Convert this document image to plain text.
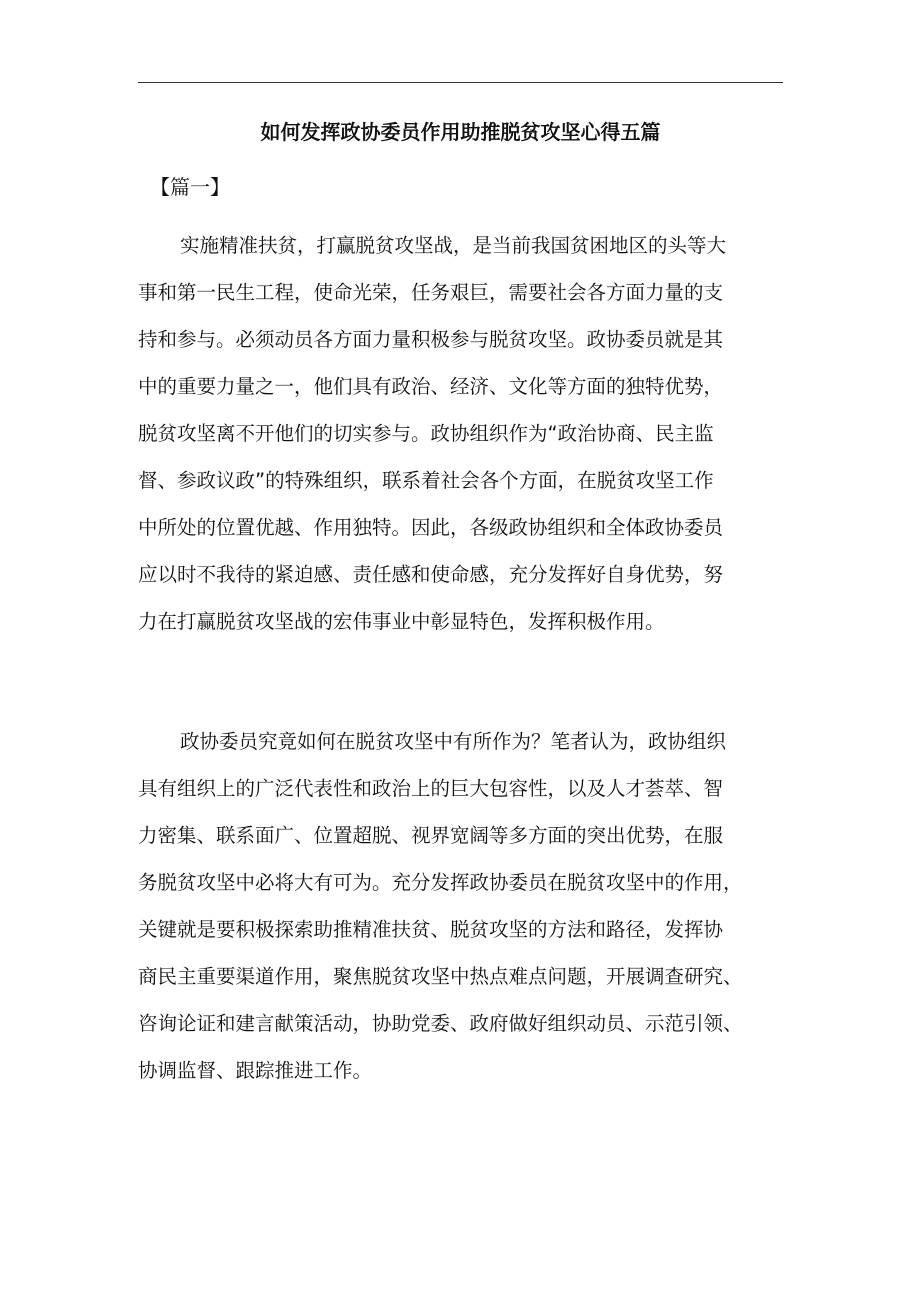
如何发挥政协委员作用助推脱贫攻坚心得五篇
【篇一】
实施精准扶贫，打赢脱贫攻坚战，是当前我国贫困地区的头等大
事和第一民生工程，使命光荣，任务艰巨，需要社会各方面力量的支
持和参与。必须动员各方面力量积极参与脱贫攻坚。政协委员就是其
中的重要力量之一，他们具有政治、经济、文化等方面的独特优势，
脱贫攻坚离不开他们的切实参与。政协组织作为“政治协商、民主监
督、参政议政”的特殊组织，联系着社会各个方面，在脱贫攻坚工作
中所处的位置优越、作用独特。因此，各级政协组织和全体政协委员
应以时不我待的紧迫感、责任感和使命感，充分发挥好自身优势，努
力在打赢脱贫攻坚战的宏伟事业中彰显特色，发挥积极作用。
政协委员究竟如何在脱贫攻坚中有所作为？笔者认为，政协组织
具有组织上的广泛代表性和政治上的巨大包容性，以及人才荟萃、智
力密集、联系面广、位置超脱、视界宽阔等多方面的突出优势，在服
务脱贫攻坚中必将大有可为。充分发挥政协委员在脱贫攻坚中的作用，
关键就是要积极探索助推精准扶贫、脱贫攻坚的方法和路径，发挥协
商民主重要渠道作用，聚焦脱贫攻坚中热点难点问题，开展调查研究、
咨询论证和建言献策活动，协助党委、政府做好组织动员、示范引领、
协调监督、跟踪推进工作。
